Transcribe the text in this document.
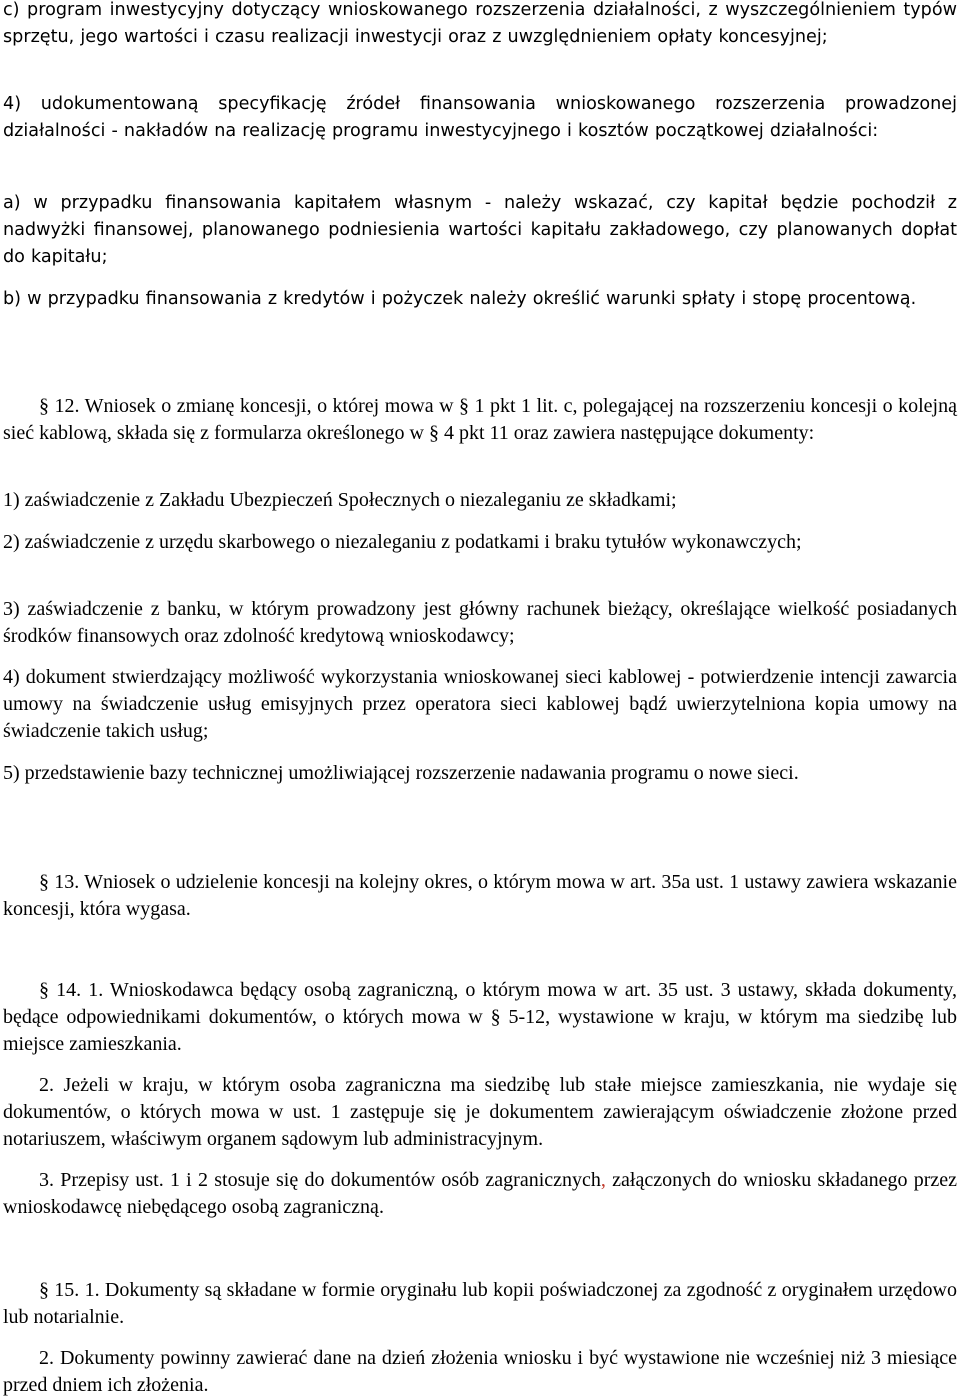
c) program inwestycyjny dotyczący wnioskowanego rozszerzenia działalności, z wyszczególnieniem typów sprzętu, jego wartości i czasu realizacji inwestycji oraz z uwzględnieniem opłaty koncesyjnej;

4) udokumentowaną specyfikację źródeł finansowania wnioskowanego rozszerzenia prowadzonej działalności - nakładów na realizację programu inwestycyjnego i kosztów początkowej działalności:

a) w przypadku finansowania kapitałem własnym - należy wskazać, czy kapitał będzie pochodził z nadwyżki finansowej, planowanego podniesienia wartości kapitału zakładowego, czy planowanych dopłat do kapitału;

b) w przypadku finansowania z kredytów i pożyczek należy określić warunki spłaty i stopę procentową.

§ 12. Wniosek o zmianę koncesji, o której mowa w § 1 pkt 1 lit. c, polegającej na rozszerzeniu koncesji o kolejną sieć kablową, składa się z formularza określonego w § 4 pkt 11 oraz zawiera następujące dokumenty:

1) zaświadczenie z Zakładu Ubezpieczeń Społecznych o niezaleganiu ze składkami;

2) zaświadczenie z urzędu skarbowego o niezaleganiu z podatkami i braku tytułów wykonawczych;

3) zaświadczenie z banku, w którym prowadzony jest główny rachunek bieżący, określające wielkość posiadanych środków finansowych oraz zdolność kredytową wnioskodawcy;

4) dokument stwierdzający możliwość wykorzystania wnioskowanej sieci kablowej - potwierdzenie intencji zawarcia umowy na świadczenie usług emisyjnych przez operatora sieci kablowej bądź uwierzytelniona kopia umowy na świadczenie takich usług;

5) przedstawienie bazy technicznej umożliwiającej rozszerzenie nadawania programu o nowe sieci.

§ 13. Wniosek o udzielenie koncesji na kolejny okres, o którym mowa w art. 35a ust. 1 ustawy zawiera wskazanie koncesji, która wygasa.

§ 14. 1. Wnioskodawca będący osobą zagraniczną, o którym mowa w art. 35 ust. 3 ustawy, składa dokumenty, będące odpowiednikami dokumentów, o których mowa w § 5-12, wystawione w kraju, w którym ma siedzibę lub miejsce zamieszkania.

2. Jeżeli w kraju, w którym osoba zagraniczna ma siedzibę lub stałe miejsce zamieszkania, nie wydaje się dokumentów, o których mowa w ust. 1 zastępuje się je dokumentem zawierającym oświadczenie złożone przed notariuszem, właściwym organem sądowym lub administracyjnym.

3. Przepisy ust. 1 i 2 stosuje się do dokumentów osób zagranicznych, załączonych do wniosku składanego przez wnioskodawcę niebędącego osobą zagraniczną.

§ 15. 1. Dokumenty są składane w formie oryginału lub kopii poświadczonej za zgodność z oryginałem urzędowo lub notarialnie.

2. Dokumenty powinny zawierać dane na dzień złożenia wniosku i być wystawione nie wcześniej niż 3 miesiące przed dniem ich złożenia.
